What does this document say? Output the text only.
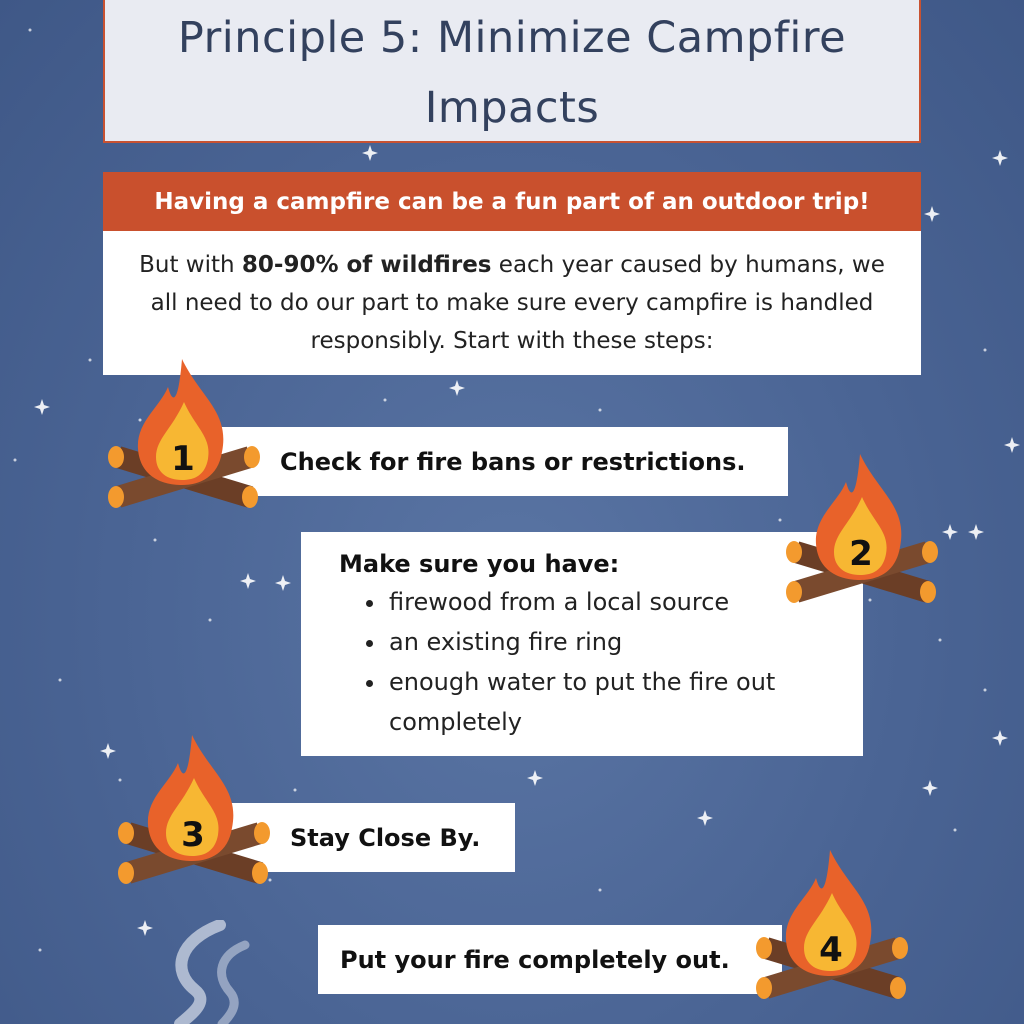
Principle 5: Minimize Campfire Impacts
Having a campfire can be a fun part of an outdoor trip!
But with 80-90% of wildfires each year caused by humans, we all need to do our part to make sure every campfire is handled responsibly. Start with these steps:
Check for fire bans or restrictions.
Make sure you have:
• firewood from a local source
• an existing fire ring
• enough water to put the fire out completely
Stay Close By.
Put your fire completely out.
1
2
3
4
